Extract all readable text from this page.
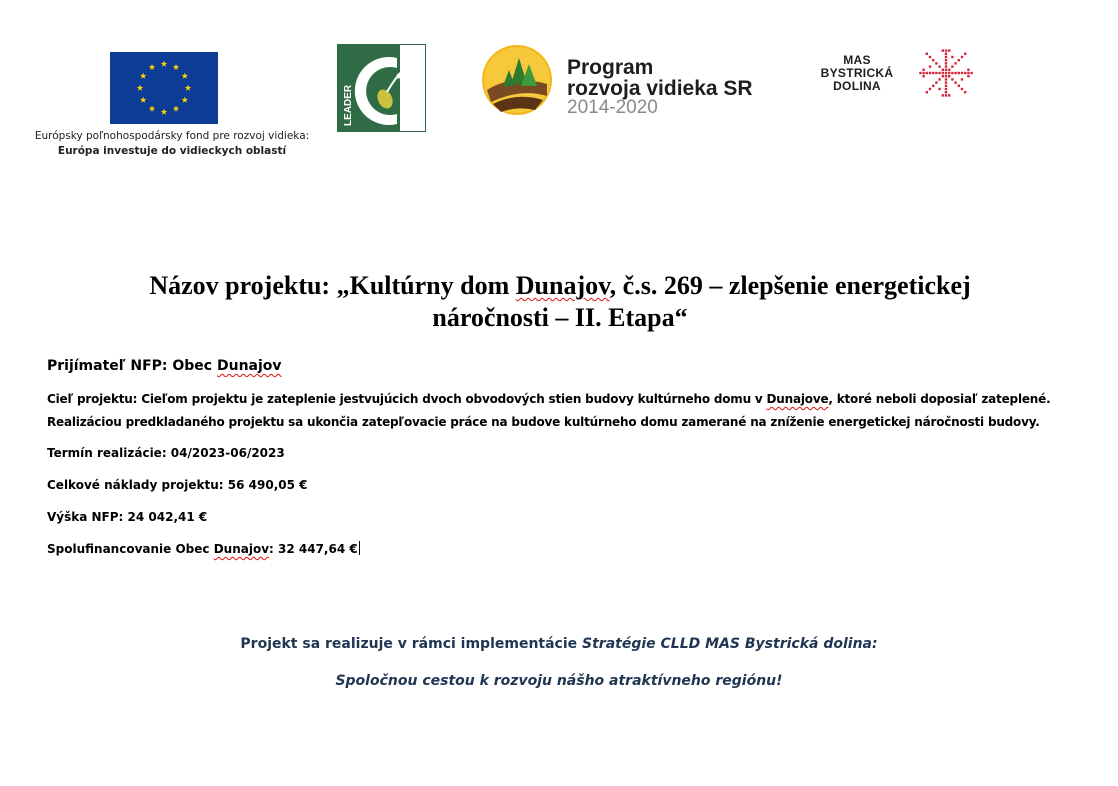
Európsky poľnohospodársky fond pre rozvoj vidieka:
Európa investuje do vidieckych oblastí
LEADER
Program
rozvoja vidieka SR
2014-2020
MAS
BYSTRICKÁ
DOLINA
Názov projektu: „Kultúrny dom Dunajov, č.s. 269 – zlepšenie energetickej
náročnosti – II. Etapa“
Prijímateľ NFP: Obec Dunajov
Cieľ projektu: Cieľom projektu je zateplenie jestvujúcich dvoch obvodových stien budovy kultúrneho domu v Dunajove, ktoré neboli doposiaľ zateplené.
Realizáciou predkladaného projektu sa ukončia zatepľovacie práce na budove kultúrneho domu zamerané na zníženie energetickej náročnosti budovy.
Termín realizácie: 04/2023-06/2023
Celkové náklady projektu: 56 490,05 €
Výška NFP: 24 042,41 €
Spolufinancovanie Obec Dunajov: 32 447,64 €
Projekt sa realizuje v rámci implementácie Stratégie CLLD MAS Bystrická dolina:
Spoločnou cestou k rozvoju nášho atraktívneho regiónu!
